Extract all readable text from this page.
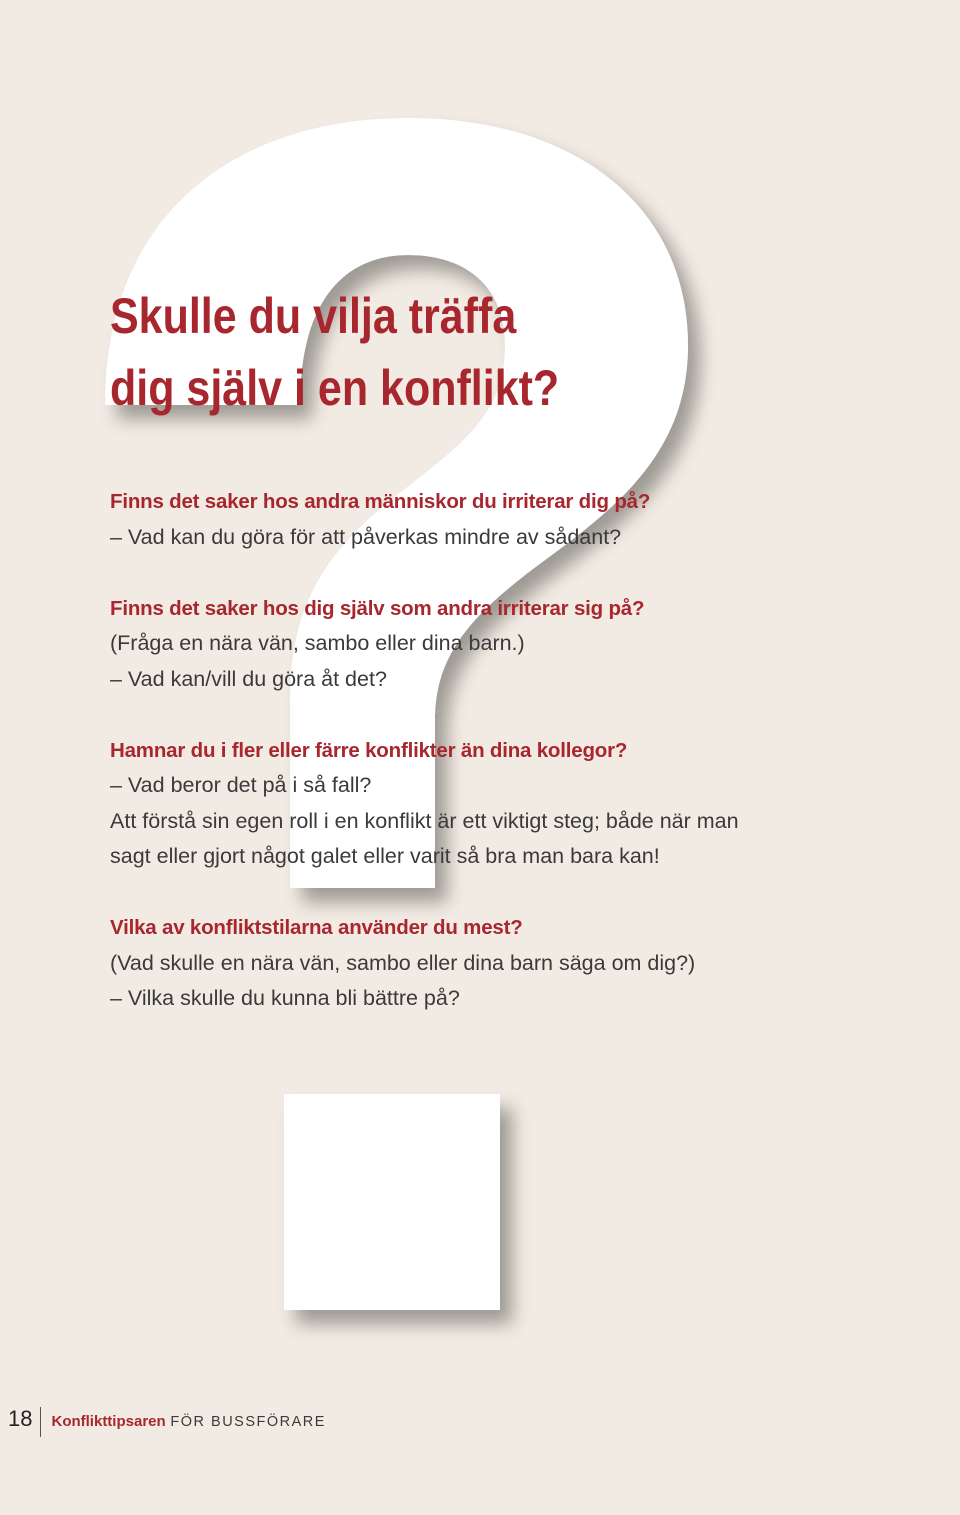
Skulle du vilja träffa
dig själv i en konflikt?

Finns det saker hos andra människor du irriterar dig på?

– Vad kan du göra för att påverkas mindre av sådant?

Finns det saker hos dig själv som andra irriterar sig på?

(Fråga en nära vän, sambo eller dina barn.)

– Vad kan/vill du göra åt det?

Hamnar du i fler eller färre konflikter än dina kollegor?

– Vad beror det på i så fall?

Att förstå sin egen roll i en konflikt är ett viktigt steg; både när man

sagt eller gjort något galet eller varit så bra man bara kan!

Vilka av konfliktstilarna använder du mest?

(Vad skulle en nära vän, sambo eller dina barn säga om dig?)

– Vilka skulle du kunna bli bättre på?

18 Konflikttipsaren FÖR BUSSFÖRARE
